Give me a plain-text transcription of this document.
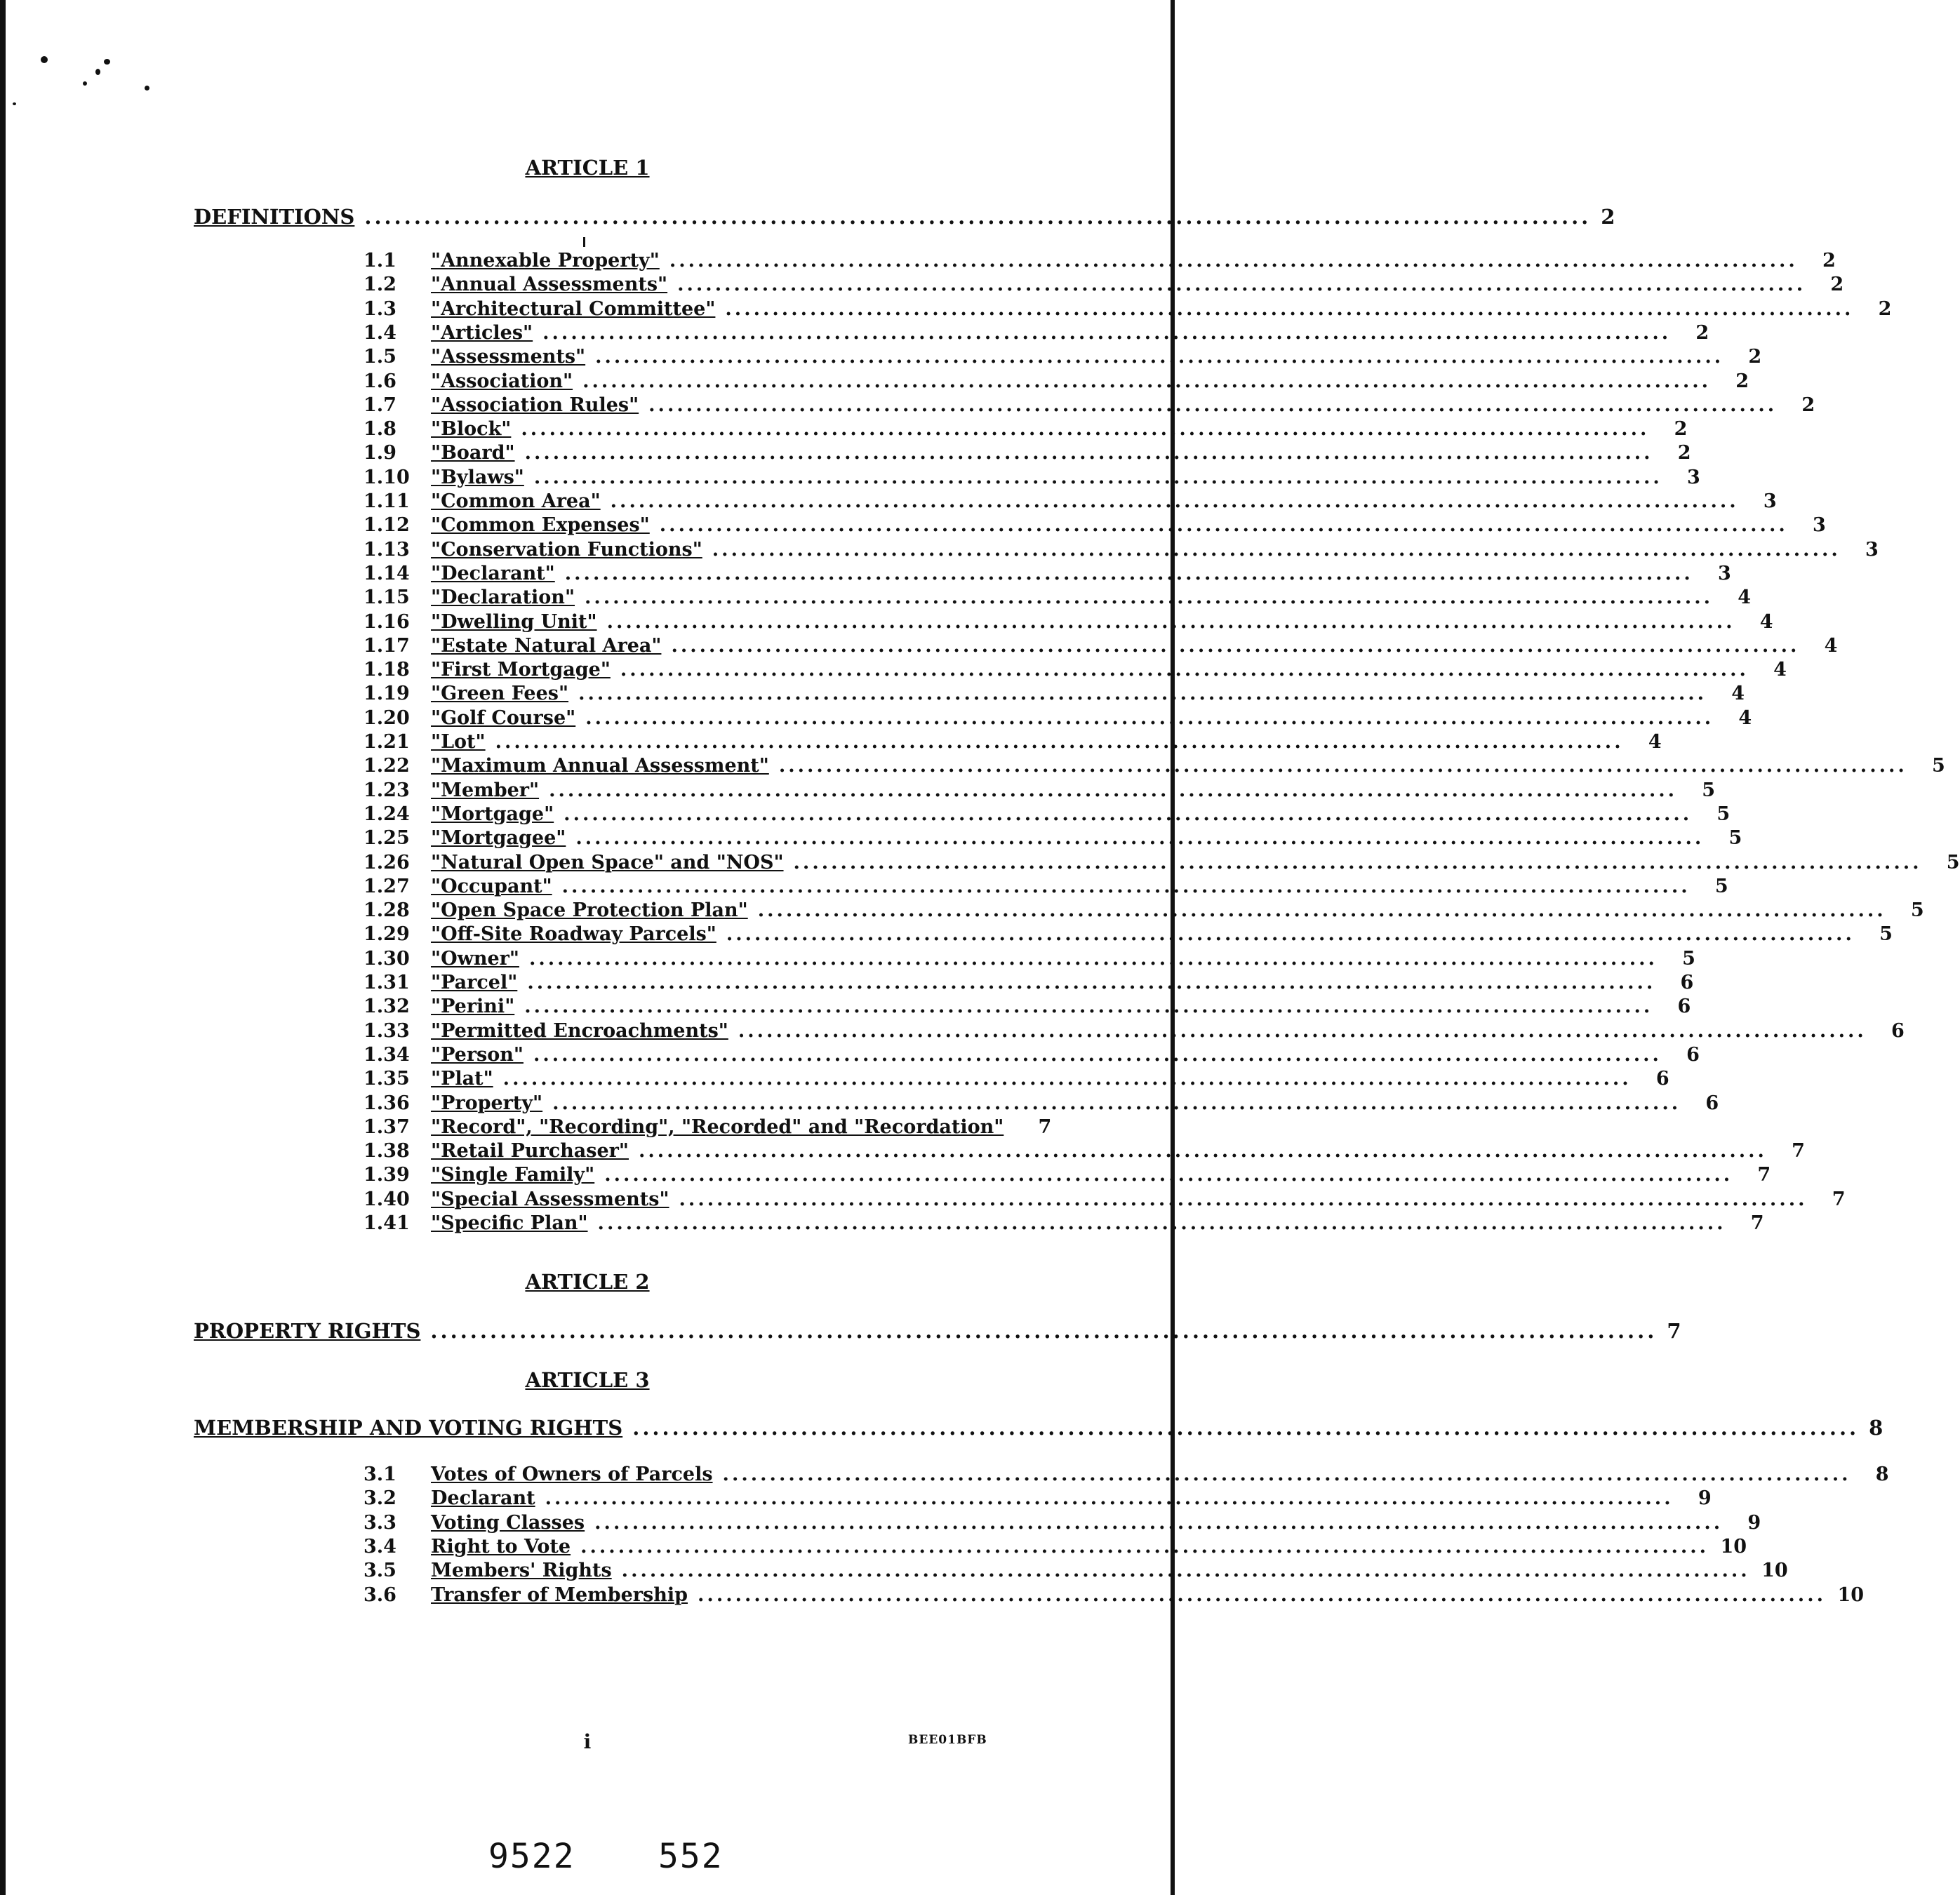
ARTICLE 1
DEFINITIONS ............................................................................................................................ 2
1.1	"Annexable Property" ........................................................................................................................	2
1.2	"Annual Assessments" ........................................................................................................................	2
1.3	"Architectural Committee" ........................................................................................................................	2
1.4	"Articles" ........................................................................................................................	2
1.5	"Assessments" ........................................................................................................................	2
1.6	"Association" ........................................................................................................................	2
1.7	"Association Rules" ........................................................................................................................	2
1.8	"Block" ........................................................................................................................	2
1.9	"Board" ........................................................................................................................	2
1.10	"Bylaws" ........................................................................................................................	3
1.11	"Common Area" ........................................................................................................................	3
1.12	"Common Expenses" ........................................................................................................................	3
1.13	"Conservation Functions" ........................................................................................................................	3
1.14	"Declarant" ........................................................................................................................	3
1.15	"Declaration" ........................................................................................................................	4
1.16	"Dwelling Unit" ........................................................................................................................	4
1.17	"Estate Natural Area" ........................................................................................................................	4
1.18	"First Mortgage" ........................................................................................................................	4
1.19	"Green Fees" ........................................................................................................................	4
1.20	"Golf Course" ........................................................................................................................	4
1.21	"Lot" ........................................................................................................................	4
1.22	"Maximum Annual Assessment" ........................................................................................................................	5
1.23	"Member" ........................................................................................................................	5
1.24	"Mortgage" ........................................................................................................................	5
1.25	"Mortgagee" ........................................................................................................................	5
1.26	"Natural Open Space" and "NOS" ........................................................................................................................	5
1.27	"Occupant" ........................................................................................................................	5
1.28	"Open Space Protection Plan" ........................................................................................................................	5
1.29	"Off-Site Roadway Parcels" ........................................................................................................................	5
1.30	"Owner" ........................................................................................................................	5
1.31	"Parcel" ........................................................................................................................	6
1.32	"Perini" ........................................................................................................................	6
1.33	"Permitted Encroachments" ........................................................................................................................	6
1.34	"Person" ........................................................................................................................	6
1.35	"Plat" ........................................................................................................................	6
1.36	"Property" ........................................................................................................................	6
1.37	"Record", "Recording", "Recorded" and "Recordation"	7
1.38	"Retail Purchaser" ........................................................................................................................	7
1.39	"Single Family" ........................................................................................................................	7
1.40	"Special Assessments" ........................................................................................................................	7
1.41	"Specific Plan" ........................................................................................................................	7
ARTICLE 2
PROPERTY RIGHTS ............................................................................................................................ 7
ARTICLE 3
MEMBERSHIP AND VOTING RIGHTS ............................................................................................................................ 8
3.1	Votes of Owners of Parcels ........................................................................................................................	8
3.2	Declarant ........................................................................................................................	9
3.3	Voting Classes ........................................................................................................................	9
3.4	Right to Vote ........................................................................................................................ 10
3.5	Members' Rights ........................................................................................................................ 10
3.6	Transfer of Membership ........................................................................................................................ 10
i	BEE01BFB
9522 552
